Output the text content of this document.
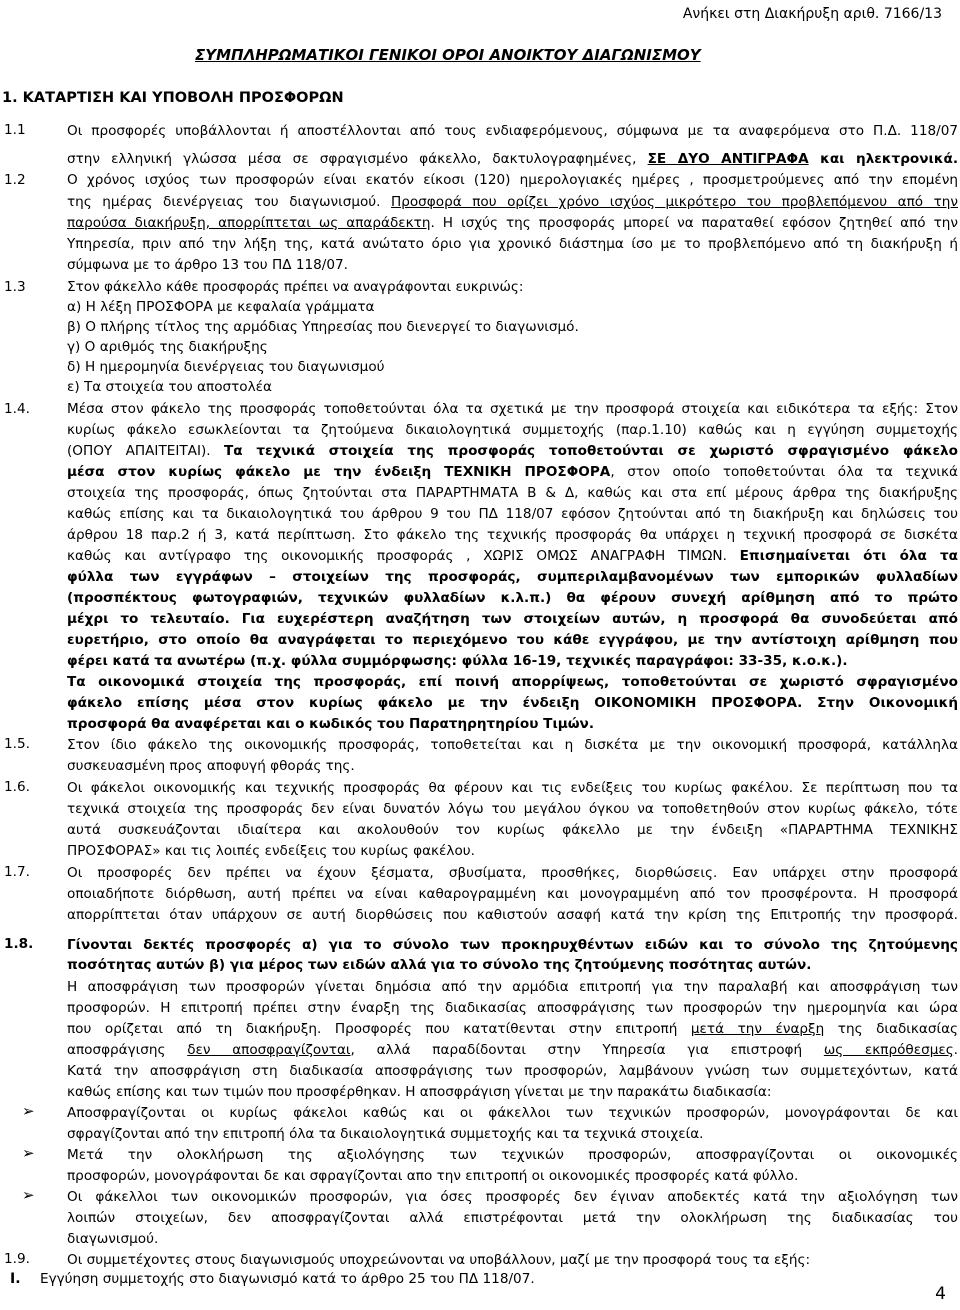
Ανήκει στη Διακήρυξη αριθ. 7166/13
ΣΥΜΠΛΗΡΩΜΑΤΙΚΟΙ ΓΕΝΙΚΟΙ ΟΡΟΙ ΑΝΟΙΚΤΟΥ ΔΙΑΓΩΝΙΣΜΟΥ
1. ΚΑΤΑΡΤΙΣΗ ΚΑΙ ΥΠΟΒΟΛΗ ΠΡΟΣΦΟΡΩΝ
1.1	Οι προσφορές υποβάλλονται ή αποστέλλονται από τους ενδιαφερόμενους, σύμφωνα με τα αναφερόμενα στο Π.Δ. 118/07
στην ελληνική γλώσσα μέσα σε σφραγισμένο φάκελλο, δακτυλογραφημένες, ΣΕ ΔΥΟ ΑΝΤΙΓΡΑΦΑ και ηλεκτρονικά.
1.2	Ο χρόνος ισχύος των προσφορών είναι εκατόν είκοσι (120) ημερολογιακές ημέρες , προσμετρούμενες από την επομένη
της ημέρας διενέργειας του διαγωνισμού. Προσφορά που ορίζει χρόνο ισχύος μικρότερο του προβλεπόμενου από την
παρούσα διακήρυξη, απορρίπτεται ως απαράδεκτη. Η ισχύς της προσφοράς μπορεί να παραταθεί εφόσον ζητηθεί από την
Υπηρεσία, πριν από την λήξη της, κατά ανώτατο όριο για χρονικό διάστημα ίσο με το προβλεπόμενο από τη διακήρυξη ή
σύμφωνα με το άρθρο 13 του ΠΔ 118/07.
1.3	Στον φάκελλο κάθε προσφοράς πρέπει να αναγράφονται ευκρινώς:
α) Η λέξη ΠΡΟΣΦΟΡΑ με κεφαλαία γράμματα
β) Ο πλήρης τίτλος της αρμόδιας Υπηρεσίας που διενεργεί το διαγωνισμό.
γ) Ο αριθμός της διακήρυξης
δ) Η ημερομηνία διενέργειας του διαγωνισμού
ε) Τα στοιχεία του αποστολέα
1.4.	Μέσα στον φάκελο της προσφοράς τοποθετούνται όλα τα σχετικά με την προσφορά στοιχεία και ειδικότερα τα εξής: Στον
κυρίως φάκελο εσωκλείονται τα ζητούμενα δικαιολογητικά συμμετοχής (παρ.1.10) καθώς και η εγγύηση συμμετοχής
(ΟΠΟΥ ΑΠΑΙΤΕΙΤΑΙ). Τα τεχνικά στοιχεία της προσφοράς τοποθετούνται σε χωριστό σφραγισμένο φάκελο
μέσα στον κυρίως φάκελο με την ένδειξη ΤΕΧΝΙΚΗ ΠΡΟΣΦΟΡΑ, στον οποίο τοποθετούνται όλα τα τεχνικά
στοιχεία της προσφοράς, όπως ζητούνται στα ΠΑΡΑΡΤΗΜΑΤΑ Β & Δ, καθώς και στα επί μέρους άρθρα της διακήρυξης
καθώς επίσης και τα δικαιολογητικά του άρθρου 9 του ΠΔ 118/07 εφόσον ζητούνται από τη διακήρυξη και δηλώσεις του
άρθρου 18 παρ.2 ή 3, κατά περίπτωση. Στο φάκελο της τεχνικής προσφοράς θα υπάρχει η τεχνική προσφορά σε δισκέτα
καθώς και αντίγραφο της οικονομικής προσφοράς , ΧΩΡΙΣ ΟΜΩΣ ΑΝΑΓΡΑΦΗ ΤΙΜΩΝ. Επισημαίνεται ότι όλα τα
φύλλα των εγγράφων – στοιχείων της προσφοράς, συμπεριλαμβανομένων των εμπορικών φυλλαδίων
(προσπέκτους φωτογραφιών, τεχνικών φυλλαδίων κ.λ.π.) θα φέρουν συνεχή αρίθμηση από το πρώτο
μέχρι το τελευταίο. Για ευχερέστερη αναζήτηση των στοιχείων αυτών, η προσφορά θα συνοδεύεται από
ευρετήριο, στο οποίο θα αναγράφεται το περιεχόμενο του κάθε εγγράφου, με την αντίστοιχη αρίθμηση που
φέρει κατά τα ανωτέρω (π.χ. φύλλα συμμόρφωσης: φύλλα 16-19, τεχνικές παραγράφοι: 33-35, κ.ο.κ.).
Τα οικονομικά στοιχεία της προσφοράς, επί ποινή απορρίψεως, τοποθετούνται σε χωριστό σφραγισμένο
φάκελο επίσης μέσα στον κυρίως φάκελο με την ένδειξη ΟΙΚΟΝΟΜΙΚΗ ΠΡΟΣΦΟΡΑ. Στην Οικονομική
προσφορά θα αναφέρεται και ο κωδικός του Παρατηρητηρίου Τιμών.
1.5.	Στον ίδιο φάκελο της οικονομικής προσφοράς, τοποθετείται και η δισκέτα με την οικονομική προσφορά, κατάλληλα
συσκευασμένη προς αποφυγή φθοράς της.
1.6.	Οι φάκελοι οικονομικής και τεχνικής προσφοράς θα φέρουν και τις ενδείξεις του κυρίως φακέλου. Σε περίπτωση που τα
τεχνικά στοιχεία της προσφοράς δεν είναι δυνατόν λόγω του μεγάλου όγκου να τοποθετηθούν στον κυρίως φάκελο, τότε
αυτά συσκευάζονται ιδιαίτερα και ακολουθούν τον κυρίως φάκελλο με την ένδειξη «ΠΑΡΑΡΤΗΜΑ ΤΕΧΝΙΚΗΣ
ΠΡΟΣΦΟΡΑΣ» και τις λοιπές ενδείξεις του κυρίως φακέλου.
1.7.	Οι προσφορές δεν πρέπει να έχουν ξέσματα, σβυσίματα, προσθήκες, διορθώσεις. Εαν υπάρχει στην προσφορά
οποιαδήποτε διόρθωση, αυτή πρέπει να είναι καθαρογραμμένη και μονογραμμένη από τον προσφέροντα. Η προσφορά
απορρίπτεται όταν υπάρχουν σε αυτή διορθώσεις που καθιστούν ασαφή κατά την κρίση της Επιτροπής την προσφορά.
1.8. Γίνονται δεκτές προσφορές α) για το σύνολο των προκηρυχθέντων ειδών και το σύνολο της ζητούμενης
ποσότητας αυτών β) για μέρος των ειδών αλλά για το σύνολο της ζητούμενης ποσότητας αυτών.
Η αποσφράγιση των προσφορών γίνεται δημόσια από την αρμόδια επιτροπή για την παραλαβή και αποσφράγιση των
προσφορών. Η επιτροπή πρέπει στην έναρξη της διαδικασίας αποσφράγισης των προσφορών την ημερομηνία και ώρα
που ορίζεται από τη διακήρυξη. Προσφορές που κατατίθενται στην επιτροπή μετά την έναρξη της διαδικασίας
αποσφράγισης δεν αποσφραγίζονται, αλλά παραδίδονται στην Υπηρεσία για επιστροφή ως εκπρόθεσμες.
Κατά την αποσφράγιση στη διαδικασία αποσφράγισης των προσφορών, λαμβάνουν γνώση των συμμετεχόντων, κατά
καθώς επίσης και των τιμών που προσφέρθηκαν. Η αποσφράγιση γίνεται με την παρακάτω διαδικασία:
➢ Αποσφραγίζονται οι κυρίως φάκελοι καθώς και οι φάκελλοι των τεχνικών προσφορών, μονογράφονται δε και
σφραγίζονται από την επιτροπή όλα τα δικαιολογητικά συμμετοχής και τα τεχνικά στοιχεία.
➢ Μετά την ολοκλήρωση της αξιολόγησης των τεχνικών προσφορών, αποσφραγίζονται οι οικονομικές
προσφορών, μονογράφονται δε και σφραγίζονται απο την επιτροπή οι οικονομικές προσφορές κατά φύλλο.
➢ Οι φάκελλοι των οικονομικών προσφορών, για όσες προσφορές δεν έγιναν αποδεκτές κατά την αξιολόγηση των
λοιπών στοιχείων, δεν αποσφραγίζονται αλλά επιστρέφονται μετά την ολοκλήρωση της διαδικασίας του
διαγωνισμού.
1.9.	Οι συμμετέχοντες στους διαγωνισμούς υποχρεώνονται να υποβάλλουν, μαζί με την προσφορά τους τα εξής:
Ι. Εγγύηση συμμετοχής στο διαγωνισμό κατά το άρθρο 25 του ΠΔ 118/07.
4
